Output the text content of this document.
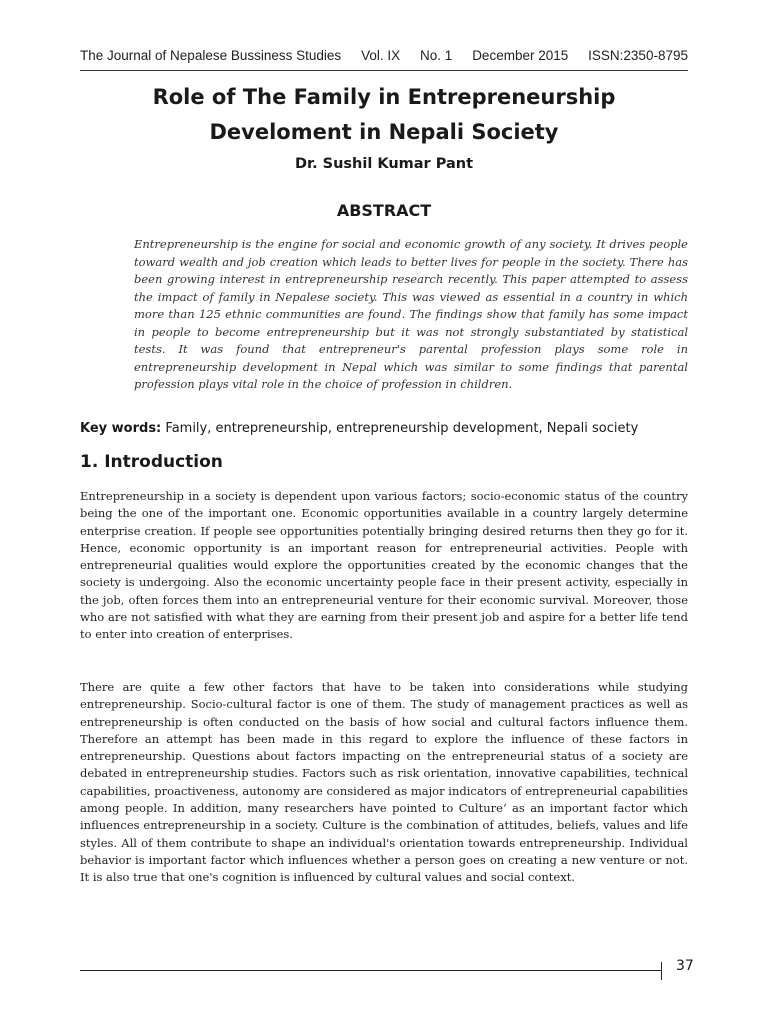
The Journal of Nepalese Bussiness Studies Vol. IX No. 1 December 2015 ISSN:2350-8795
Role of The Family in Entrepreneurship Develoment in Nepali Society
Dr. Sushil Kumar Pant
ABSTRACT

Entrepreneurship is the engine for social and economic growth of any society. It drives people toward wealth and job creation which leads to better lives for people in the society. There has been growing interest in entrepreneurship research recently. This paper attempted to assess the impact of family in Nepalese society. This was viewed as essential in a country in which more than 125 ethnic communities are found. The findings show that family has some impact in people to become entrepreneurship but it was not strongly substantiated by statistical tests. It was found that entrepreneur's parental profession plays some role in entrepreneurship development in Nepal which was similar to some findings that parental profession plays vital role in the choice of profession in children.

Key words: Family, entrepreneurship, entrepreneurship development, Nepali society
1. Introduction

Entrepreneurship in a society is dependent upon various factors; socio-economic status of the country being the one of the important one. Economic opportunities available in a country largely determine enterprise creation. If people see opportunities potentially bringing desired returns then they go for it. Hence, economic opportunity is an important reason for entrepreneurial activities. People with entrepreneurial qualities would explore the opportunities created by the economic changes that the society is undergoing. Also the economic uncertainty people face in their present activity, especially in the job, often forces them into an entrepreneurial venture for their economic survival. Moreover, those who are not satisfied with what they are earning from their present job and aspire for a better life tend to enter into creation of enterprises.

There are quite a few other factors that have to be taken into considerations while studying entrepreneurship. Socio-cultural factor is one of them. The study of management practices as well as entrepreneurship is often conducted on the basis of how social and cultural factors influence them. Therefore an attempt has been made in this regard to explore the influence of these factors in entrepreneurship. Questions about factors impacting on the entrepreneurial status of a society are debated in entrepreneurship studies. Factors such as risk orientation, innovative capabilities, technical capabilities, proactiveness, autonomy are considered as major indicators of entrepreneurial capabilities among people. In addition, many researchers have pointed to Culture‘ as an important factor which influences entrepreneurship in a society. Culture is the combination of attitudes, beliefs, values and life styles. All of them contribute to shape an individual's orientation towards entrepreneurship. Individual behavior is important factor which influences whether a person goes on creating a new venture or not. It is also true that one's cognition is influenced by cultural values and social context.

37
